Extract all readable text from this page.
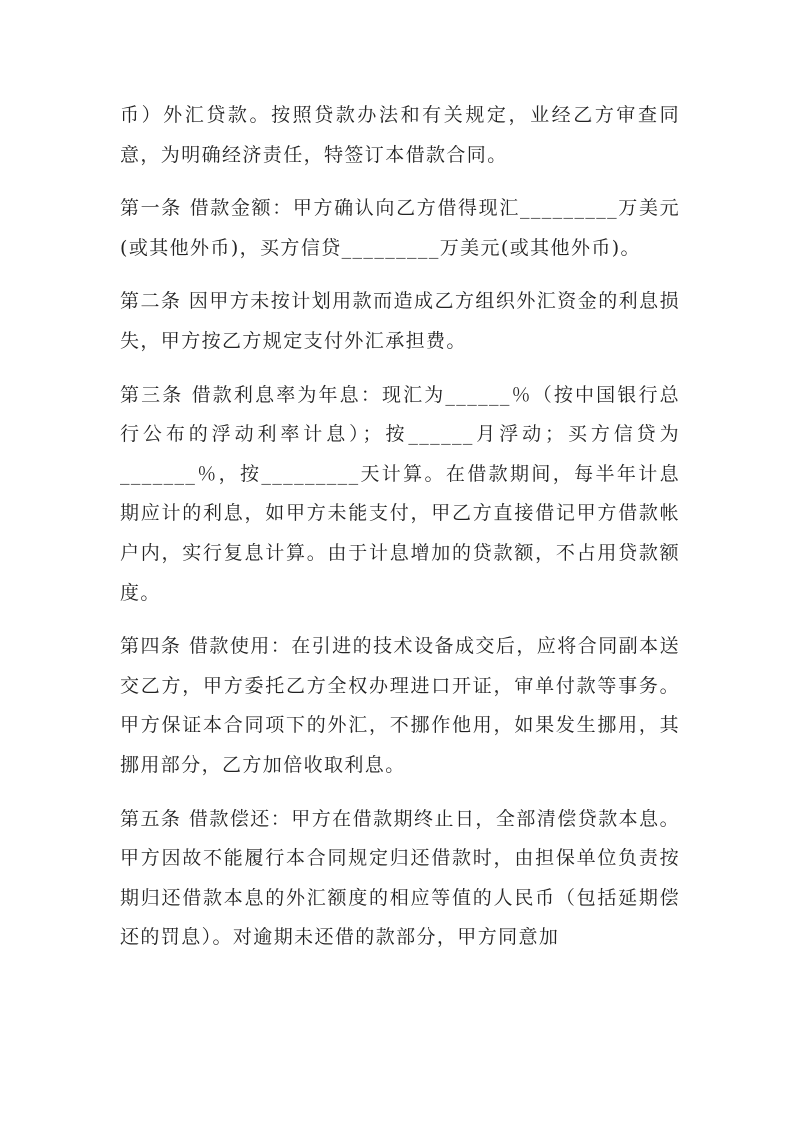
币）外汇贷款。按照贷款办法和有关规定，业经乙方审查同意，为明确经济责任，特签订本借款合同。

第一条 借款金额：甲方确认向乙方借得现汇_________万美元(或其他外币)，买方信贷_________万美元(或其他外币)。

第二条 因甲方未按计划用款而造成乙方组织外汇资金的利息损失，甲方按乙方规定支付外汇承担费。

第三条 借款利息率为年息：现汇为______％（按中国银行总行公布的浮动利率计息）；按______月浮动；买方信贷为_______％，按_________天计算。在借款期间，每半年计息期应计的利息，如甲方未能支付，甲乙方直接借记甲方借款帐户内，实行复息计算。由于计息增加的贷款额，不占用贷款额度。

第四条 借款使用：在引进的技术设备成交后，应将合同副本送交乙方，甲方委托乙方全权办理进口开证，审单付款等事务。甲方保证本合同项下的外汇，不挪作他用，如果发生挪用，其挪用部分，乙方加倍收取利息。

第五条 借款偿还：甲方在借款期终止日，全部清偿贷款本息。甲方因故不能履行本合同规定归还借款时，由担保单位负责按期归还借款本息的外汇额度的相应等值的人民币（包括延期偿还的罚息）。对逾期未还借的款部分，甲方同意加
